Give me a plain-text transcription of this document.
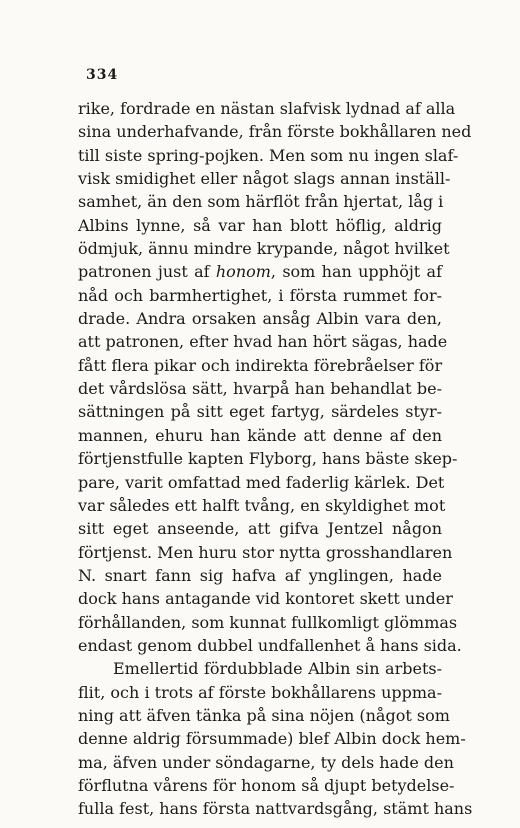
334
rike, fordrade en nästan slafvisk lydnad af alla
sina underhafvande, från förste bokhållaren ned
till siste spring-pojken. Men som nu ingen slaf-
visk smidighet eller något slags annan inställ-
samhet, än den som härflöt från hjertat, låg i
Albins lynne, så var han blott höflig, aldrig
ödmjuk, ännu mindre krypande, något hvilket
patronen just af honom, som han upphöjt af
nåd och barmhertighet, i första rummet for-
drade. Andra orsaken ansåg Albin vara den,
att patronen, efter hvad han hört sägas, hade
fått flera pikar och indirekta förebråelser för
det vårdslösa sätt, hvarpå han behandlat be-
sättningen på sitt eget fartyg, särdeles styr-
mannen, ehuru han kände att denne af den
förtjenstfulle kapten Flyborg, hans bäste skep-
pare, varit omfattad med faderlig kärlek. Det
var således ett halft tvång, en skyldighet mot
sitt eget anseende, att gifva Jentzel någon
förtjenst. Men huru stor nytta grosshandlaren
N. snart fann sig hafva af ynglingen, hade
dock hans antagande vid kontoret skett under
förhållanden, som kunnat fullkomligt glömmas
endast genom dubbel undfallenhet å hans sida.
Emellertid fördubblade Albin sin arbets-
flit, och i trots af förste bokhållarens uppma-
ning att äfven tänka på sina nöjen (något som
denne aldrig försummade) blef Albin dock hem-
ma, äfven under söndagarne, ty dels hade den
förflutna vårens för honom så djupt betydelse-
fulla fest, hans första nattvardsgång, stämt hans
